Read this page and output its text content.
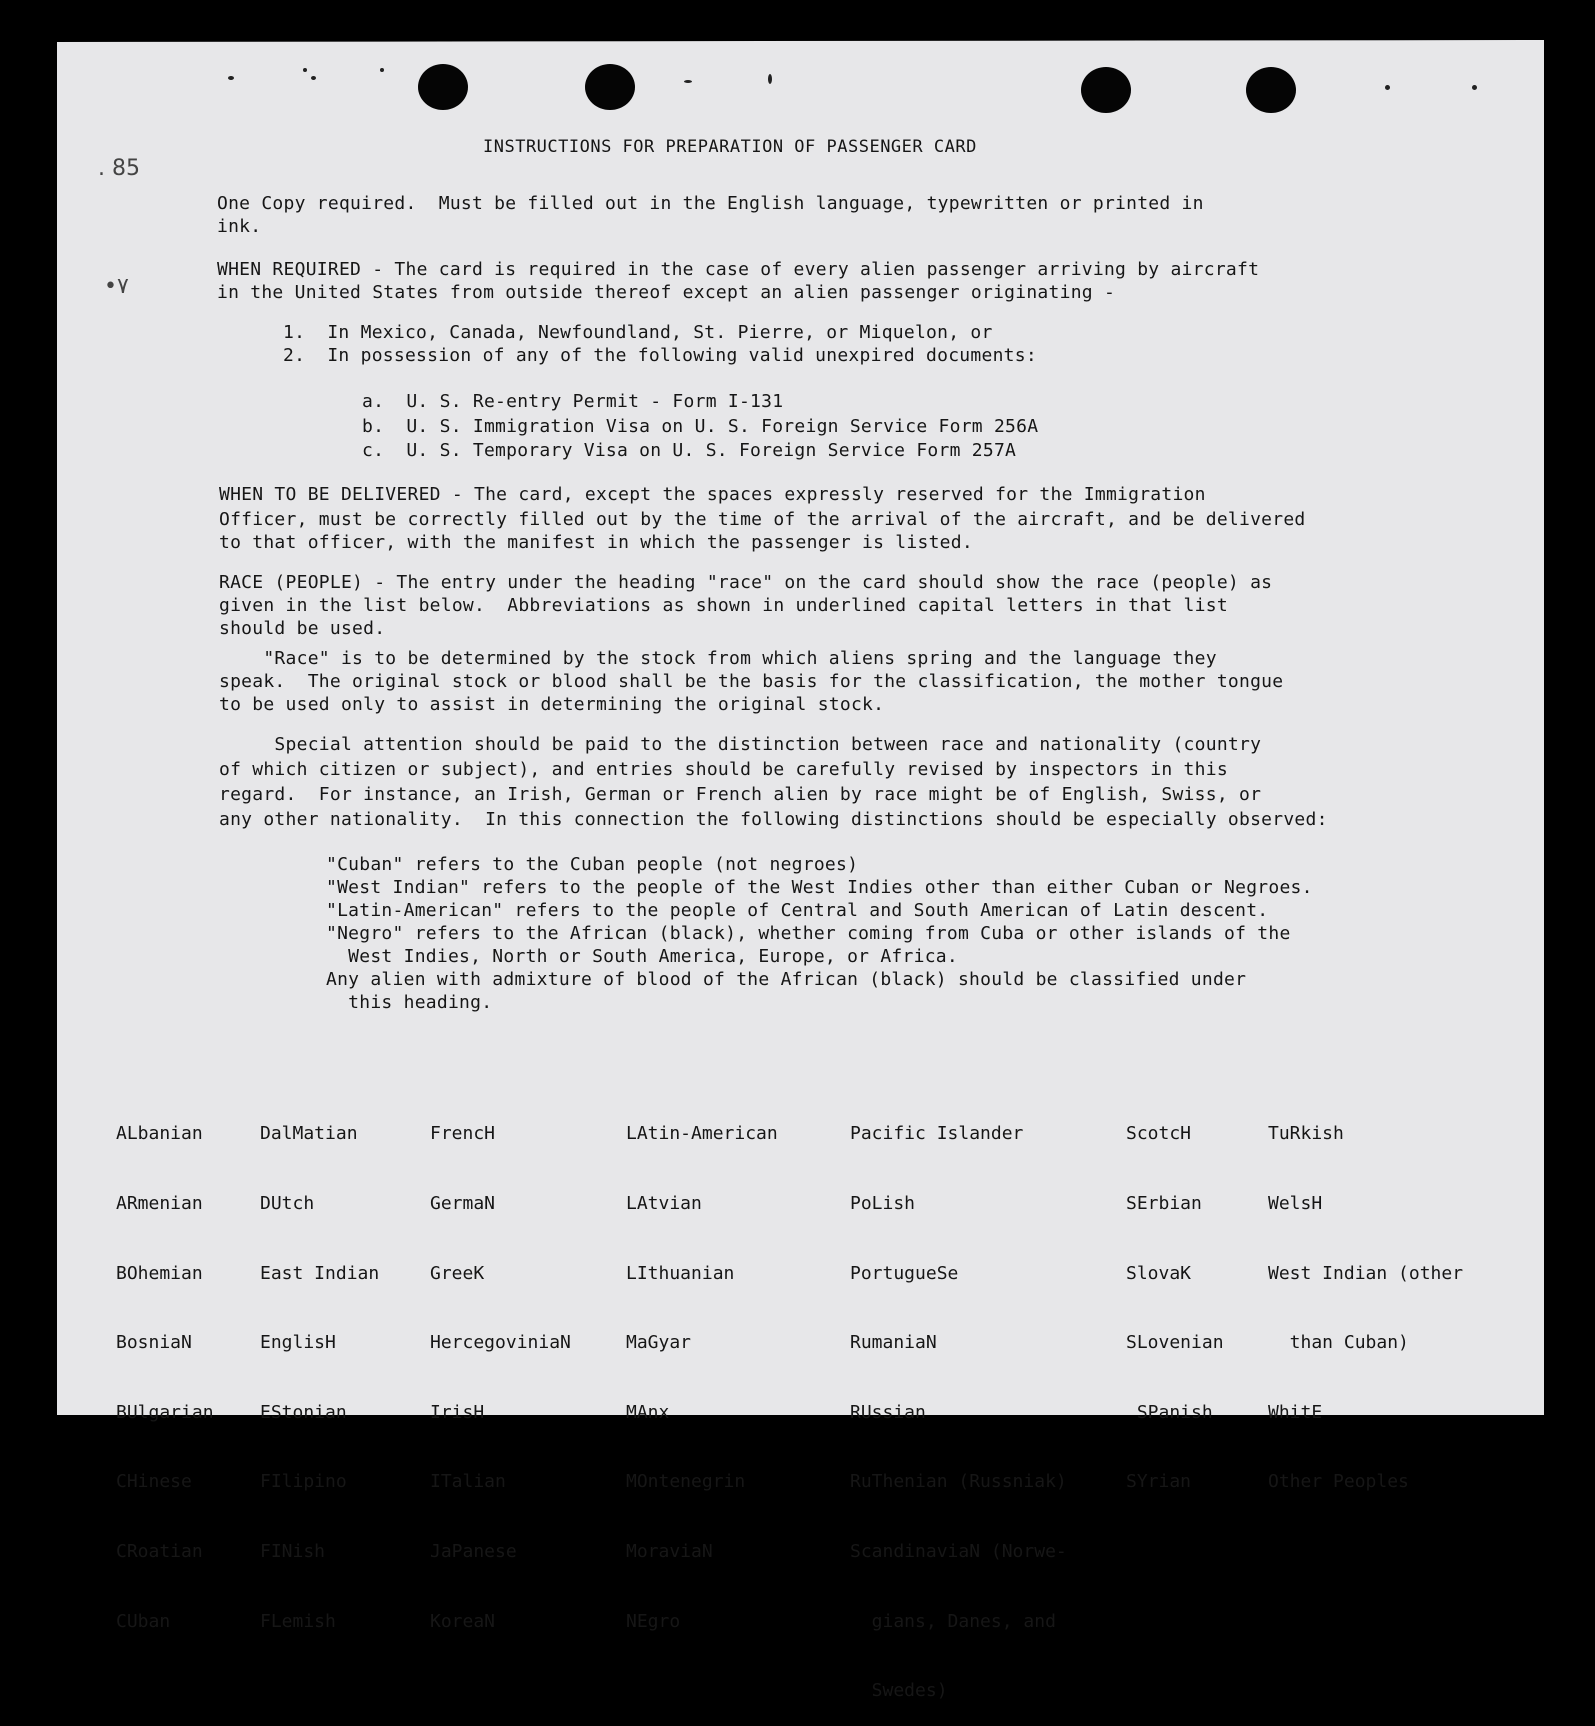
. 85
•٧‌
INSTRUCTIONS FOR PREPARATION OF PASSENGER CARD
One Copy required.  Must be filled out in the English language, typewritten or printed in
ink.
WHEN REQUIRED - The card is required in the case of every alien passenger arriving by aircraft
in the United States from outside thereof except an alien passenger originating -
1.  In Mexico, Canada, Newfoundland, St. Pierre, or Miquelon, or
2.  In possession of any of the following valid unexpired documents:
a.  U. S. Re-entry Permit - Form I-131
b.  U. S. Immigration Visa on U. S. Foreign Service Form 256A
c.  U. S. Temporary Visa on U. S. Foreign Service Form 257A
WHEN TO BE DELIVERED - The card, except the spaces expressly reserved for the Immigration
Officer, must be correctly filled out by the time of the arrival of the aircraft, and be delivered
to that officer, with the manifest in which the passenger is listed.
RACE (PEOPLE) - The entry under the heading "race" on the card should show the race (people) as
given in the list below.  Abbreviations as shown in underlined capital letters in that list
should be used.
"Race" is to be determined by the stock from which aliens spring and the language they
speak.  The original stock or blood shall be the basis for the classification, the mother tongue
to be used only to assist in determining the original stock.
Special attention should be paid to the distinction between race and nationality (country
of which citizen or subject), and entries should be carefully revised by inspectors in this
regard.  For instance, an Irish, German or French alien by race might be of English, Swiss, or
any other nationality.  In this connection the following distinctions should be especially observed:
"Cuban" refers to the Cuban people (not negroes)
"West Indian" refers to the people of the West Indies other than either Cuban or Negroes.
"Latin-American" refers to the people of Central and South American of Latin descent.
"Negro" refers to the African (black), whether coming from Cuba or other islands of the
West Indies, North or South America, Europe, or Africa.
Any alien with admixture of blood of the African (black) should be classified under
this heading.

ALbanian

ARmenian

BOhemian

BosniaN

BUlgarian

CHinese

CRoatian

CUban

DalMatian

DUtch

East Indian

EnglisH

EStonian

FIlipino

FINish

FLemish

FrencH

GermaN

GreeK

HercegoviniaN

IrisH

ITalian

JaPanese

KoreaN

LAtin-American

LAtvian

LIthuanian

MaGyar

MAnx

MOntenegrin

MoraviaN

NEgro

Pacific Islander

PoLish

PortugueSe

RumaniaN

RUssian

RuThenian (Russniak)

ScandinaviaN (Norwe-

gians, Danes, and

Swedes)

ScotcH

SErbian

SlovaK

SLovenian

SPanish

SYrian

TuRkish

WelsH

West Indian (other

than Cuban)

WhitE

Other Peoples
